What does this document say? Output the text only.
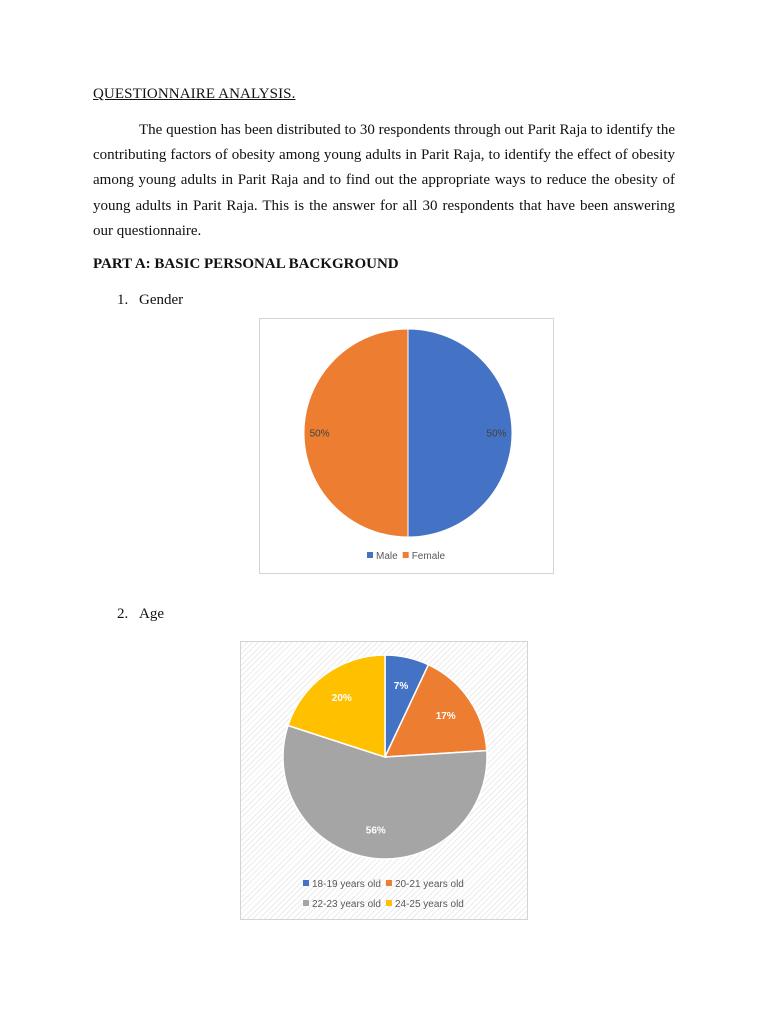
QUESTIONNAIRE ANALYSIS.

The question has been distributed to 30 respondents through out Parit Raja to identify the contributing factors of obesity among young adults in Parit Raja, to identify the effect of obesity among young adults in Parit Raja and to find out the appropriate ways to reduce the obesity of young adults in Parit Raja. This is the answer for all 30 respondents that have been answering our questionnaire.

PART A: BASIC PERSONAL BACKGROUND
1. Gender
50%
50%
Male Female
2. Age
7%
17%
56%
20%
18-19 years old 20-21 years old
22-23 years old 24-25 years old
